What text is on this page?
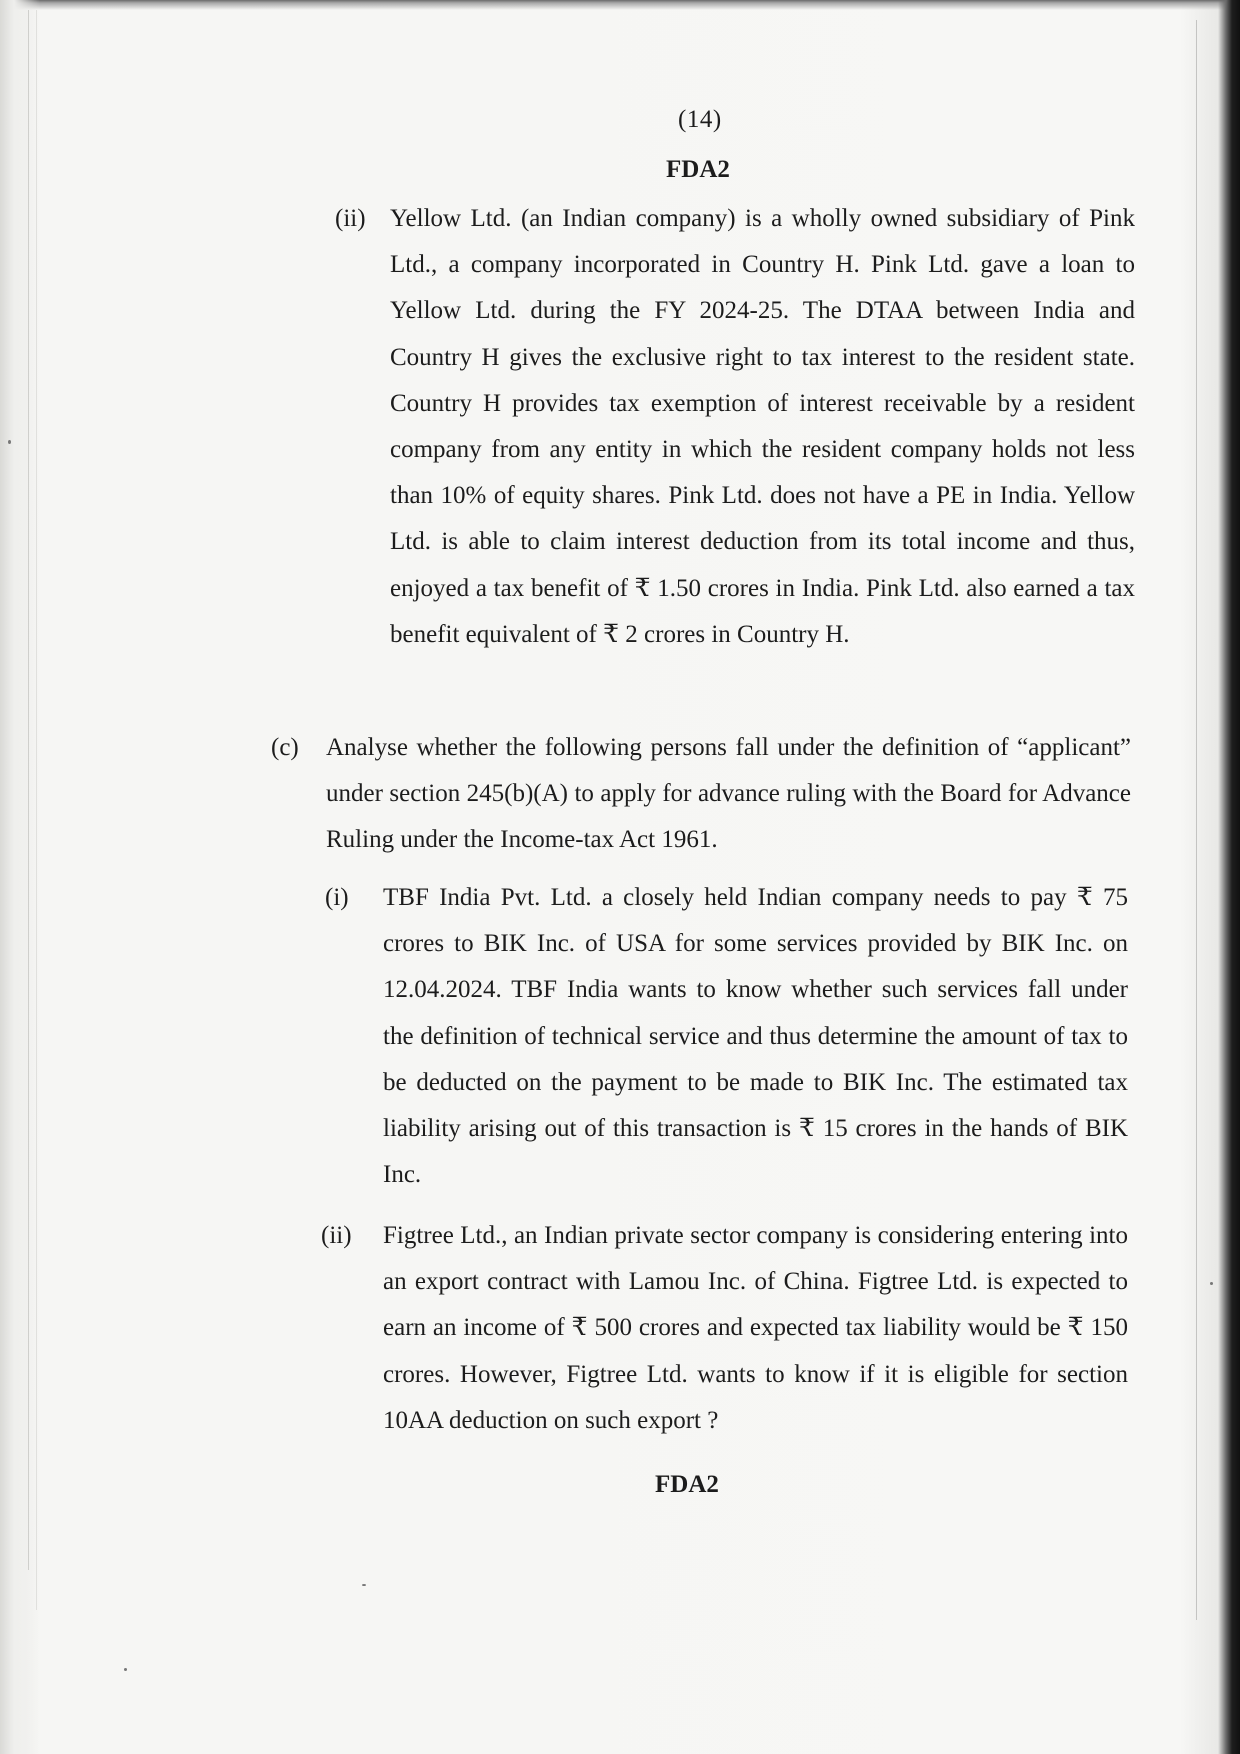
(14)
FDA2
(ii) Yellow Ltd. (an Indian company) is a wholly owned subsidiary of Pink Ltd., a company incorporated in Country H. Pink Ltd. gave a loan to Yellow Ltd. during the FY 2024-25. The DTAA between India and Country H gives the exclusive right to tax interest to the resident state. Country H provides tax exemption of interest receivable by a resident company from any entity in which the resident company holds not less than 10% of equity shares. Pink Ltd. does not have a PE in India. Yellow Ltd. is able to claim interest deduction from its total income and thus, enjoyed a tax benefit of ₹ 1.50 crores in India. Pink Ltd. also earned a tax benefit equivalent of ₹ 2 crores in Country H.
(c) Analyse whether the following persons fall under the definition of “applicant” under section 245(b)(A) to apply for advance ruling with the Board for Advance Ruling under the Income-tax Act 1961.
(i) TBF India Pvt. Ltd. a closely held Indian company needs to pay ₹ 75 crores to BIK Inc. of USA for some services provided by BIK Inc. on 12.04.2024. TBF India wants to know whether such services fall under the definition of technical service and thus determine the amount of tax to be deducted on the payment to be made to BIK Inc. The estimated tax liability arising out of this transaction is ₹ 15 crores in the hands of BIK Inc.
(ii) Figtree Ltd., an Indian private sector company is considering entering into an export contract with Lamou Inc. of China. Figtree Ltd. is expected to earn an income of ₹ 500 crores and expected tax liability would be ₹ 150 crores. However, Figtree Ltd. wants to know if it is eligible for section 10AA deduction on such export ?
FDA2
